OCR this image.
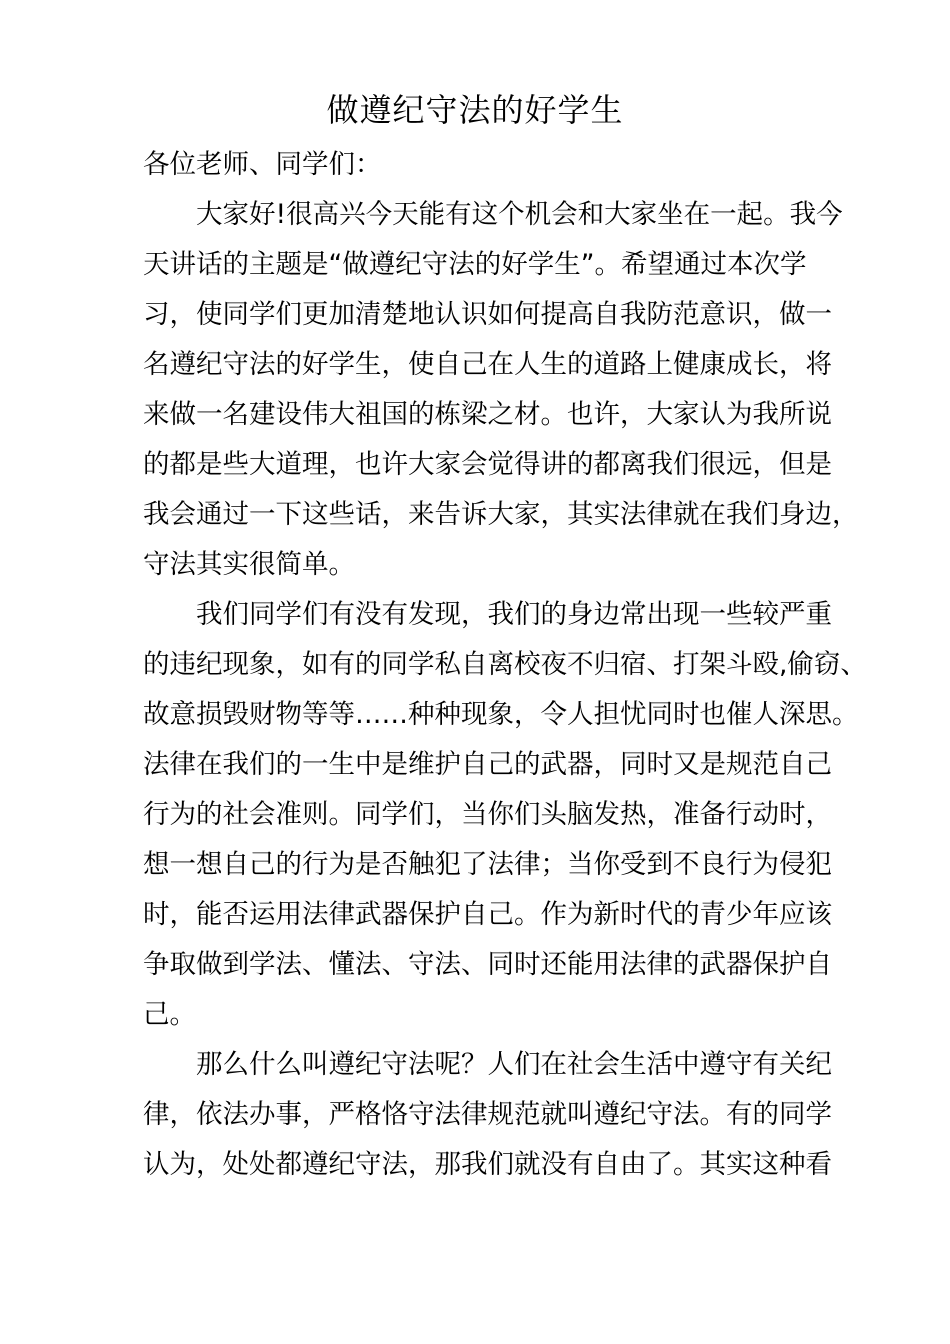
做遵纪守法的好学生
各位老师、同学们：
大家好!很高兴今天能有这个机会和大家坐在一起。我今
天讲话的主题是“做遵纪守法的好学生”。希望通过本次学
习，使同学们更加清楚地认识如何提高自我防范意识，做一
名遵纪守法的好学生，使自己在人生的道路上健康成长，将
来做一名建设伟大祖国的栋梁之材。也许，大家认为我所说
的都是些大道理，也许大家会觉得讲的都离我们很远，但是
我会通过一下这些话，来告诉大家，其实法律就在我们身边，
守法其实很简单。
我们同学们有没有发现，我们的身边常出现一些较严重
的违纪现象，如有的同学私自离校夜不归宿、打架斗殴,偷窃、
故意损毁财物等等……种种现象，令人担忧同时也催人深思。
法律在我们的一生中是维护自己的武器，同时又是规范自己
行为的社会准则。同学们，当你们头脑发热，准备行动时，
想一想自己的行为是否触犯了法律；当你受到不良行为侵犯
时，能否运用法律武器保护自己。作为新时代的青少年应该
争取做到学法、懂法、守法、同时还能用法律的武器保护自
己。
那么什么叫遵纪守法呢？人们在社会生活中遵守有关纪
律，依法办事，严格恪守法律规范就叫遵纪守法。有的同学
认为，处处都遵纪守法，那我们就没有自由了。其实这种看
